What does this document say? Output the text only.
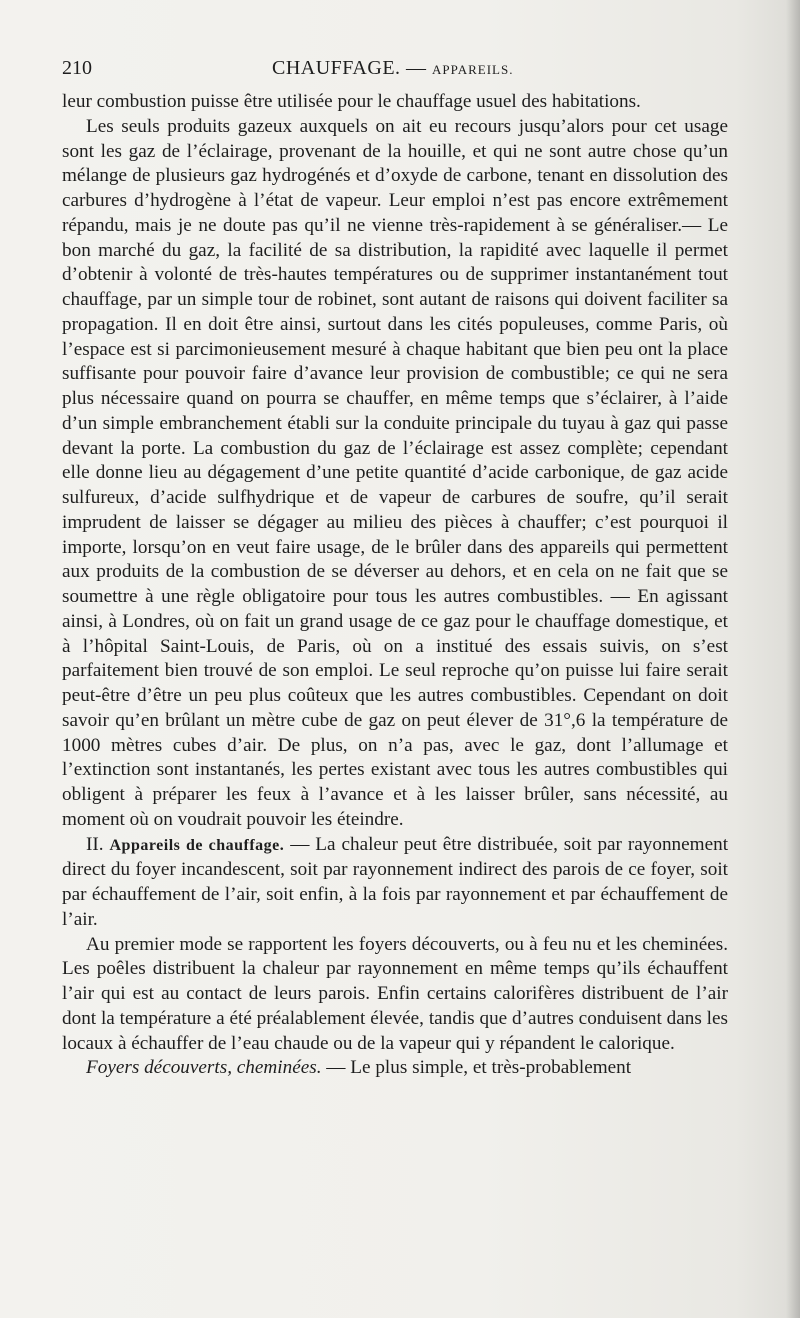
210	CHAUFFAGE. — APPAREILS.

leur combustion puisse être utilisée pour le chauffage usuel des habitations.

Les seuls produits gazeux auxquels on ait eu recours jusqu’alors pour cet usage sont les gaz de l’éclairage, provenant de la houille, et qui ne sont autre chose qu’un mélange de plusieurs gaz hydrogénés et d’oxyde de carbone, tenant en dissolution des carbures d’hydrogène à l’état de vapeur. Leur emploi n’est pas encore extrêmement répandu, mais je ne doute pas qu’il ne vienne très-rapidement à se généraliser.— Le bon marché du gaz, la facilité de sa distribution, la rapidité avec laquelle il permet d’obtenir à volonté de très-hautes températures ou de supprimer instantanément tout chauffage, par un simple tour de robinet, sont autant de raisons qui doivent faciliter sa propagation. Il en doit être ainsi, surtout dans les cités populeuses, comme Paris, où l’espace est si parcimonieusement mesuré à chaque habitant que bien peu ont la place suffisante pour pouvoir faire d’avance leur provision de combustible; ce qui ne sera plus nécessaire quand on pourra se chauffer, en même temps que s’éclairer, à l’aide d’un simple embranchement établi sur la conduite principale du tuyau à gaz qui passe devant la porte. La combustion du gaz de l’éclairage est assez complète; cependant elle donne lieu au dégagement d’une petite quantité d’acide carbonique, de gaz acide sulfureux, d’acide sulfhydrique et de vapeur de carbures de soufre, qu’il serait imprudent de laisser se dégager au milieu des pièces à chauffer; c’est pourquoi il importe, lorsqu’on en veut faire usage, de le brûler dans des appareils qui permettent aux produits de la combustion de se déverser au dehors, et en cela on ne fait que se soumettre à une règle obligatoire pour tous les autres combustibles. — En agissant ainsi, à Londres, où on fait un grand usage de ce gaz pour le chauffage domestique, et à l’hôpital Saint-Louis, de Paris, où on a institué des essais suivis, on s’est parfaitement bien trouvé de son emploi. Le seul reproche qu’on puisse lui faire serait peut-être d’être un peu plus coûteux que les autres combustibles. Cependant on doit savoir qu’en brûlant un mètre cube de gaz on peut élever de 31°,6 la température de 1000 mètres cubes d’air. De plus, on n’a pas, avec le gaz, dont l’allumage et l’extinction sont instantanés, les pertes existant avec tous les autres combustibles qui obligent à préparer les feux à l’avance et à les laisser brûler, sans nécessité, au moment où on voudrait pouvoir les éteindre.

II. Appareils de chauffage. — La chaleur peut être distribuée, soit par rayonnement direct du foyer incandescent, soit par rayonnement indirect des parois de ce foyer, soit par échauffement de l’air, soit enfin, à la fois par rayonnement et par échauffement de l’air.

Au premier mode se rapportent les foyers découverts, ou à feu nu et les cheminées. Les poêles distribuent la chaleur par rayonnement en même temps qu’ils échauffent l’air qui est au contact de leurs parois. Enfin certains calorifères distribuent de l’air dont la température a été préalablement élevée, tandis que d’autres conduisent dans les locaux à échauffer de l’eau chaude ou de la vapeur qui y répandent le calorique.

Foyers découverts, cheminées. — Le plus simple, et très-probablement
